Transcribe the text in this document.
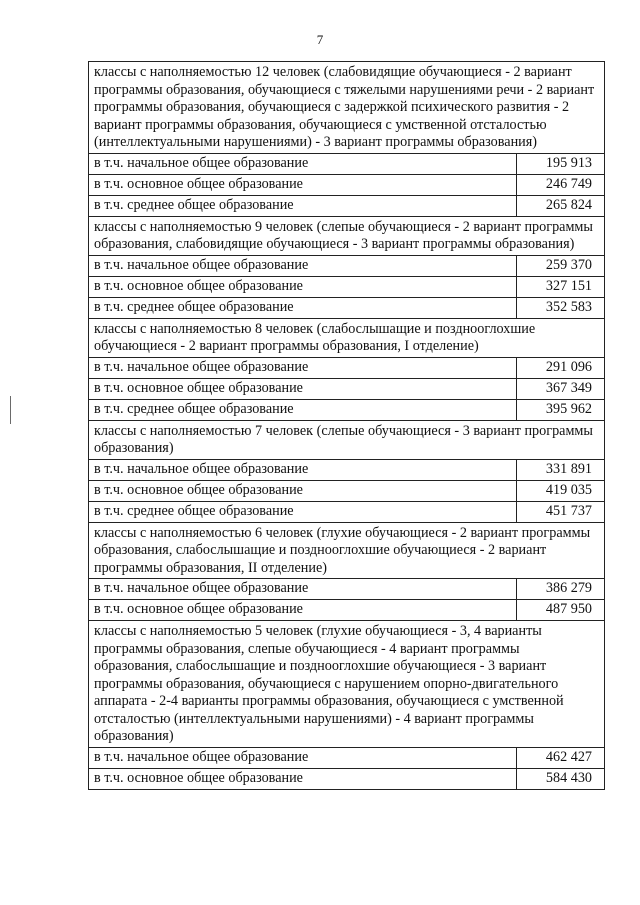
7
классы с наполняемостью 12 человек (слабовидящие обучающиеся - 2 вариант программы образования, обучающиеся с тяжелыми нарушениями речи - 2 вариант программы образования, обучающиеся с задержкой психического развития - 2 вариант программы образования, обучающиеся с умственной отсталостью (интеллектуальными нарушениями) - 3 вариант программы образования)	
в т.ч. начальное общее образование	195 913
в т.ч. основное общее образование	246 749
в т.ч. среднее общее образование	265 824
классы с наполняемостью 9 человек (слепые обучающиеся - 2 вариант программы образования, слабовидящие обучающиеся - 3 вариант программы образования)	
в т.ч. начальное общее образование	259 370
в т.ч. основное общее образование	327 151
в т.ч. среднее общее образование	352 583
классы с наполняемостью 8 человек (слабослышащие и позднооглохшие обучающиеся - 2 вариант программы образования, I отделение)	
в т.ч. начальное общее образование	291 096
в т.ч. основное общее образование	367 349
в т.ч. среднее общее образование	395 962
классы с наполняемостью 7 человек (слепые обучающиеся - 3 вариант программы образования)	
в т.ч. начальное общее образование	331 891
в т.ч. основное общее образование	419 035
в т.ч. среднее общее образование	451 737
классы с наполняемостью 6 человек (глухие обучающиеся - 2 вариант программы образования, слабослышащие и позднооглохшие обучающиеся - 2 вариант программы образования, II отделение)	
в т.ч. начальное общее образование	386 279
в т.ч. основное общее образование	487 950
классы с наполняемостью 5 человек (глухие обучающиеся - 3, 4 варианты программы образования, слепые обучающиеся - 4 вариант программы образования, слабослышащие и позднооглохшие обучающиеся - 3 вариант программы образования, обучающиеся с нарушением опорно-двигательного аппарата - 2-4 варианты программы образования, обучающиеся с умственной отсталостью (интеллектуальными нарушениями) - 4 вариант программы образования)	
в т.ч. начальное общее образование	462 427
в т.ч. основное общее образование	584 430
